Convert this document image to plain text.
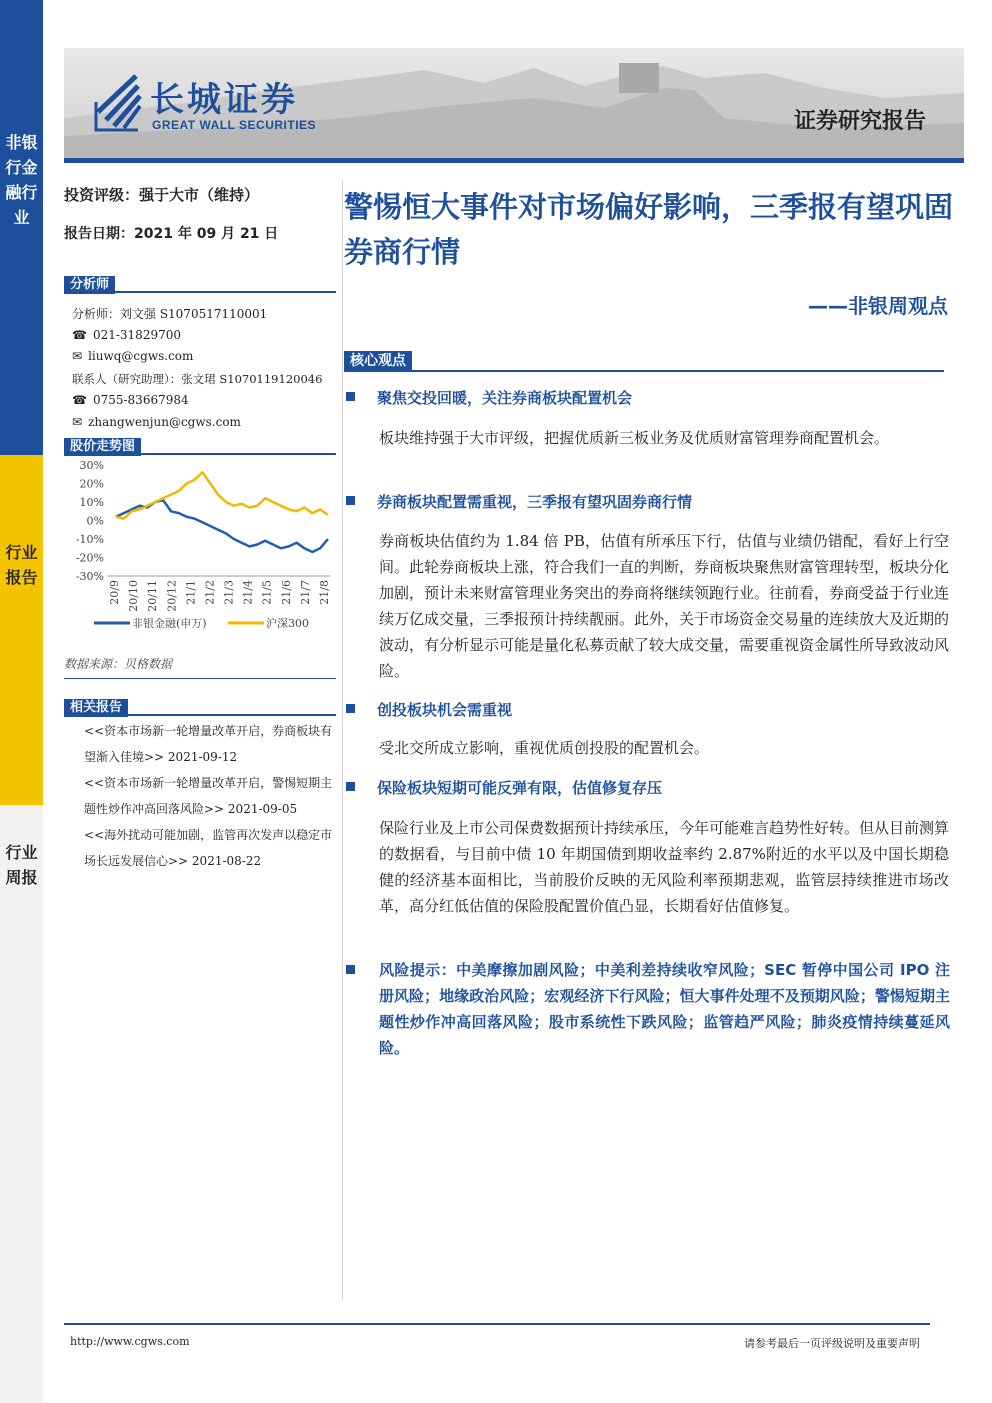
非银行金融行业
行业报告
行业周报
长城证券
GREAT WALL SECURITIES	证券研究报告
投资评级：强于大市（维持）
报告日期：2021 年 09 月 21 日
分析师
分析师：刘文强 S1070517110001
☎ 021-31829700
✉ liuwq@cgws.com
联系人（研究助理）：张文珺 S1070119120046
☎ 0755-83667984
✉ zhangwenjun@cgws.com
股价走势图
30%
20%
10%
0%
-10%
-20%
-30%
20/9 20/10 20/11 20/12 21/1 21/2 21/3 21/4 21/5 21/6 21/7 21/8
非银金融(申万)	沪深300
数据来源：贝格数据
相关报告
<<资本市场新一轮增量改革开启，券商板块有望渐入佳境>> 2021-09-12
<<资本市场新一轮增量改革开启，警惕短期主题性炒作冲高回落风险>> 2021-09-05
<<海外扰动可能加剧，监管再次发声以稳定市场长远发展信心>> 2021-08-22
警惕恒大事件对市场偏好影响，三季报有望巩固券商行情
——非银周观点
核心观点
聚焦交投回暖，关注券商板块配置机会
板块维持强于大市评级，把握优质新三板业务及优质财富管理券商配置机会。
券商板块配置需重视，三季报有望巩固券商行情
券商板块估值约为 1.84 倍 PB，估值有所承压下行，估值与业绩仍错配，看好上行空间。此轮券商板块上涨，符合我们一直的判断，券商板块聚焦财富管理转型，板块分化加剧，预计未来财富管理业务突出的券商将继续领跑行业。往前看，券商受益于行业连续万亿成交量，三季报预计持续靓丽。此外，关于市场资金交易量的连续放大及近期的波动，有分析显示可能是量化私募贡献了较大成交量，需要重视资金属性所导致波动风险。
创投板块机会需重视
受北交所成立影响，重视优质创投股的配置机会。
保险板块短期可能反弹有限，估值修复存压
保险行业及上市公司保费数据预计持续承压，今年可能难言趋势性好转。但从目前测算的数据看，与目前中债 10 年期国债到期收益率约 2.87%附近的水平以及中国长期稳健的经济基本面相比，当前股价反映的无风险利率预期悲观，监管层持续推进市场改革，高分红低估值的保险股配置价值凸显，长期看好估值修复。
风险提示：中美摩擦加剧风险；中美利差持续收窄风险；SEC 暂停中国公司 IPO 注册风险；地缘政治风险；宏观经济下行风险；恒大事件处理不及预期风险；警惕短期主题性炒作冲高回落风险；股市系统性下跌风险；监管趋严风险；肺炎疫情持续蔓延风险。
http://www.cgws.com	请参考最后一页评级说明及重要声明
